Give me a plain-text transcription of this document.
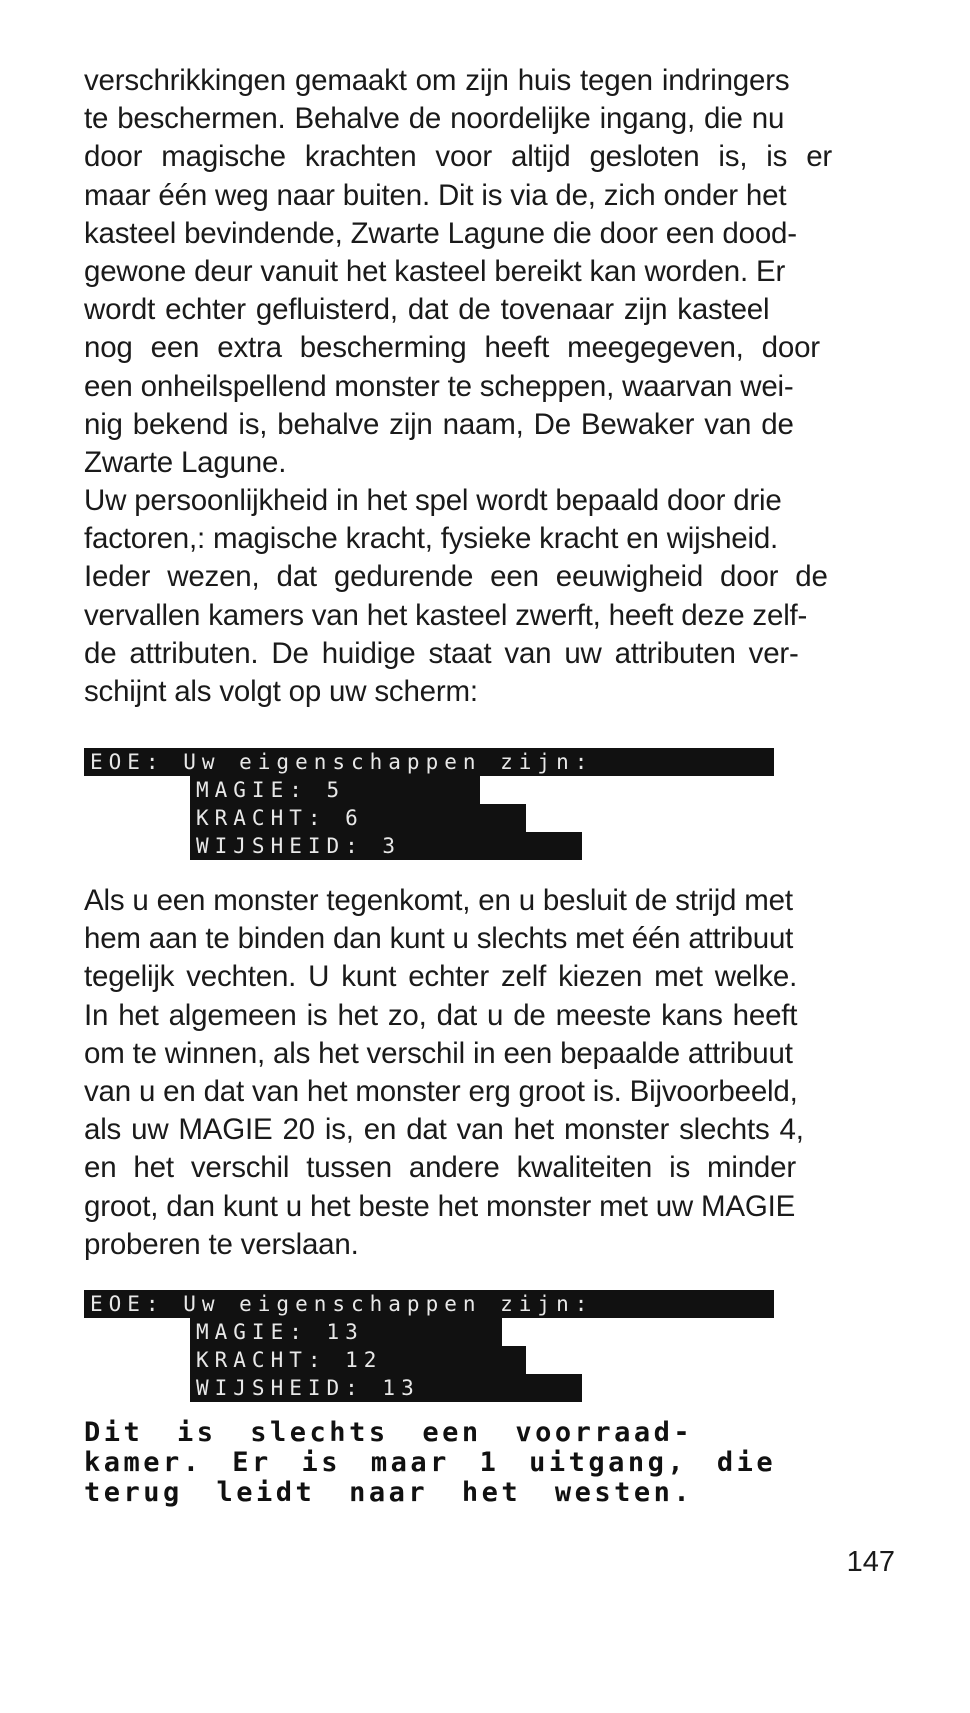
verschrikkingen gemaakt om zijn huis tegen indringers
te beschermen. Behalve de noordelijke ingang, die nu
door magische krachten voor altijd gesloten is, is er
maar één weg naar buiten. Dit is via de, zich onder het
kasteel bevindende, Zwarte Lagune die door een dood-
gewone deur vanuit het kasteel bereikt kan worden. Er
wordt echter gefluisterd, dat de tovenaar zijn kasteel
nog een extra bescherming heeft meegegeven, door
een onheilspellend monster te scheppen, waarvan wei-
nig bekend is, behalve zijn naam, De Bewaker van de
Zwarte Lagune.

Uw persoonlijkheid in het spel wordt bepaald door drie
factoren,: magische kracht, fysieke kracht en wijsheid.
Ieder wezen, dat gedurende een eeuwigheid door de
vervallen kamers van het kasteel zwerft, heeft deze zelf-
de attributen. De huidige staat van uw attributen ver-
schijnt als volgt op uw scherm:

EOE: Uw eigenschappen zijn:
MAGIE: 5
KRACHT: 6
WIJSHEID: 3

Als u een monster tegenkomt, en u besluit de strijd met
hem aan te binden dan kunt u slechts met één attribuut
tegelijk vechten. U kunt echter zelf kiezen met welke.
In het algemeen is het zo, dat u de meeste kans heeft
om te winnen, als het verschil in een bepaalde attribuut
van u en dat van het monster erg groot is. Bijvoorbeeld,
als uw MAGIE 20 is, en dat van het monster slechts 4,
en het verschil tussen andere kwaliteiten is minder
groot, dan kunt u het beste het monster met uw MAGIE
proberen te verslaan.

EOE: Uw eigenschappen zijn:
MAGIE: 13
KRACHT: 12
WIJSHEID: 13
Dit is slechts een voorraad-
kamer. Er is maar 1 uitgang, die
terug leidt naar het westen.
147
